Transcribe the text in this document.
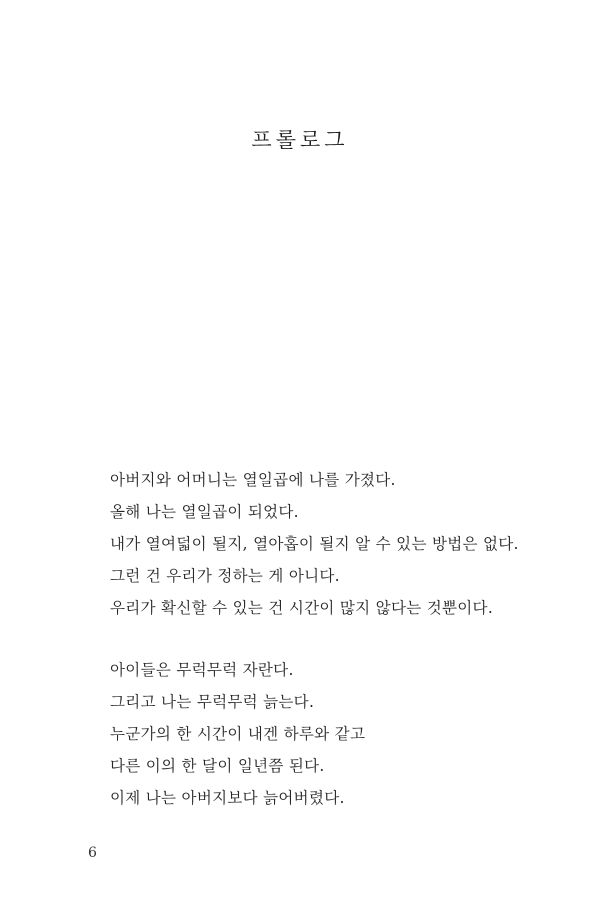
프롤로그
아버지와 어머니는 열일곱에 나를 가졌다.
올해 나는 열일곱이 되었다.
내가 열여덟이 될지, 열아홉이 될지 알 수 있는 방법은 없다.
그런 건 우리가 정하는 게 아니다.
우리가 확신할 수 있는 건 시간이 많지 않다는 것뿐이다.
아이들은 무럭무럭 자란다.
그리고 나는 무럭무럭 늙는다.
누군가의 한 시간이 내겐 하루와 같고
다른 이의 한 달이 일년쯤 된다.
이제 나는 아버지보다 늙어버렸다.
6
